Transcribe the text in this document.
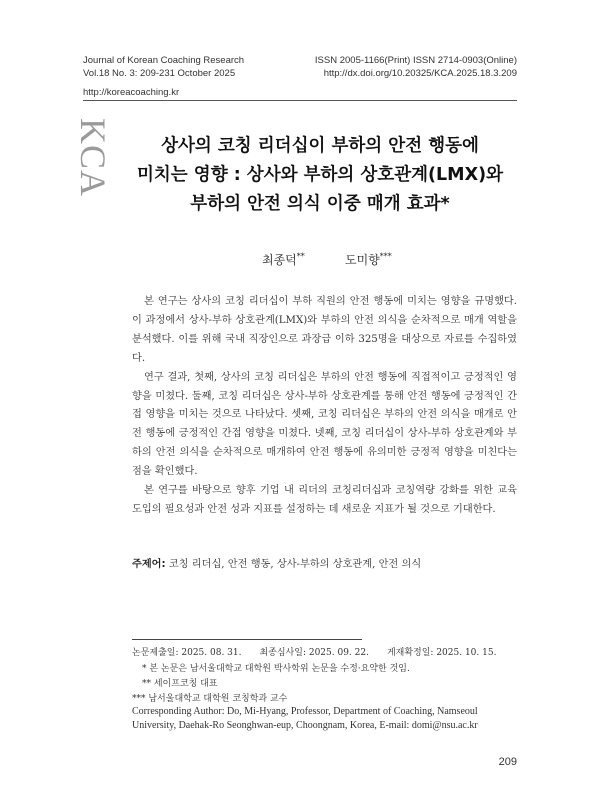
Journal of Korean Coaching Research
Vol.18 No. 3: 209-231 October 2025
ISSN 2005-1166(Print) ISSN 2714-0903(Online)
http://dx.doi.org/10.20325/KCA.2025.18.3.209
http://koreacoaching.kr
KCA	상사의 코칭 리더십이 부하의 안전 행동에
미치는 영향 : 상사와 부하의 상호관계(LMX)와
부하의 안전 의식 이중 매개 효과*
최종덕**	도미향***

본 연구는 상사의 코칭 리더십이 부하 직원의 안전 행동에 미치는 영향을 규명했다. 이 과정에서 상사-부하 상호관계(LMX)와 부하의 안전 의식을 순차적으로 매개 역할을 분석했다. 이를 위해 국내 직장인으로 과장급 이하 325명을 대상으로 자료를 수집하였다.

연구 결과, 첫째, 상사의 코칭 리더십은 부하의 안전 행동에 직접적이고 긍정적인 영향을 미쳤다. 둘째, 코칭 리더십은 상사-부하 상호관계를 통해 안전 행동에 긍정적인 간접 영향을 미치는 것으로 나타났다. 셋째, 코칭 리더십은 부하의 안전 의식을 매개로 안전 행동에 긍정적인 간접 영향을 미쳤다. 넷째, 코칭 리더십이 상사-부하 상호관계와 부하의 안전 의식을 순차적으로 매개하여 안전 행동에 유의미한 긍정적 영향을 미친다는 점을 확인했다.

본 연구를 바탕으로 향후 기업 내 리더의 코칭리더십과 코칭역량 강화를 위한 교육 도입의 필요성과 안전 성과 지표를 설정하는 데 새로운 지표가 될 것으로 기대한다.

주제어: 코칭 리더십, 안전 행동, 상사-부하의 상호관계, 안전 의식
논문제출일: 2025. 08. 31.　　최종심사일: 2025. 09. 22.　　게재확정일: 2025. 10. 15.
* 본 논문은 남서울대학교 대학원 박사학위 논문을 수정·요약한 것임.
** 세이프코칭 대표
*** 남서울대학교 대학원 코칭학과 교수
Corresponding Author: Do, Mi-Hyang, Professor, Department of Coaching, Namseoul
University, Daehak-Ro Seonghwan-eup, Choongnam, Korea, E-mail: domi@nsu.ac.kr
209
